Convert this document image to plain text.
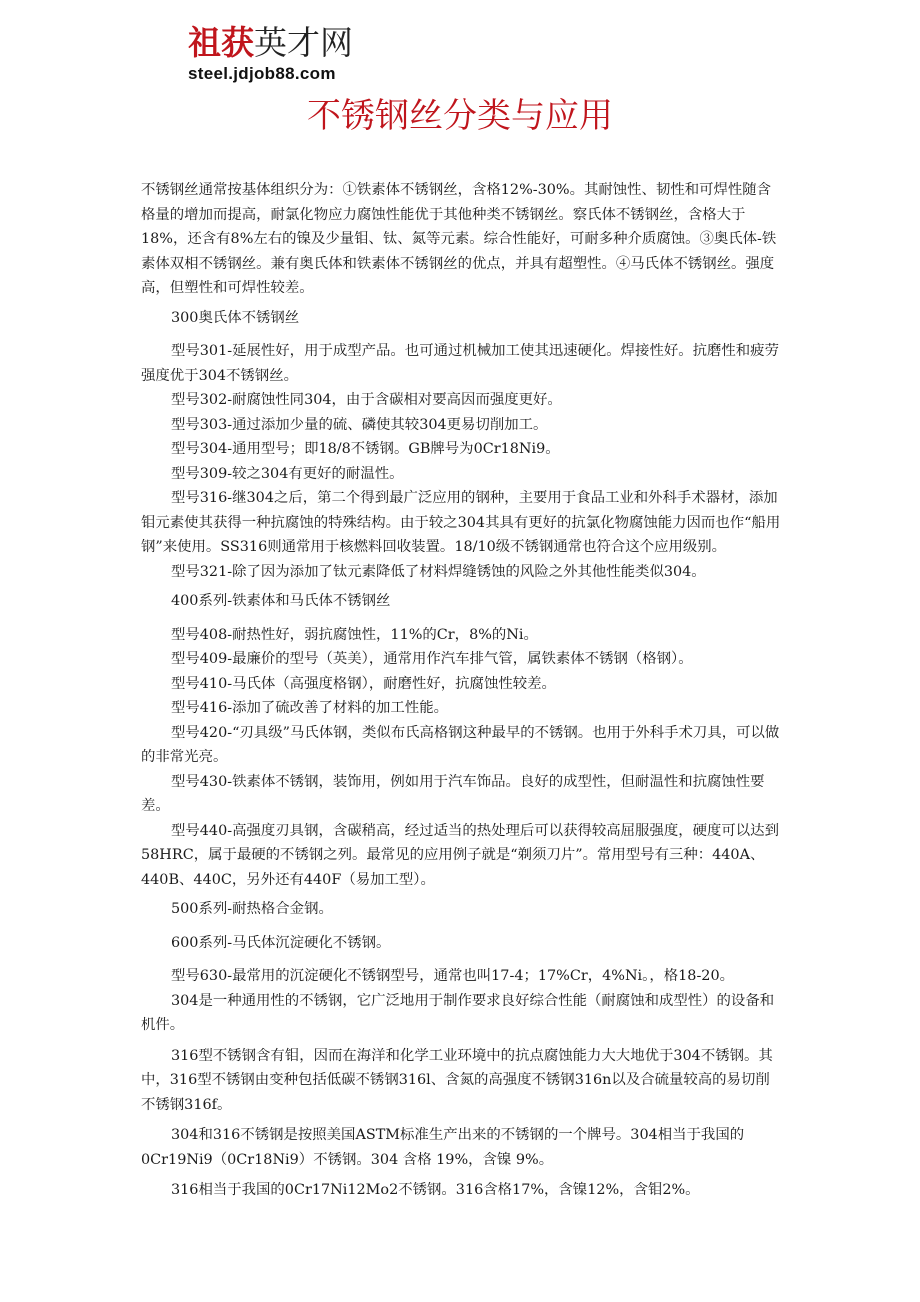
祖获英才网
steel.jdjob88.com
不锈钢丝分类与应用

不锈钢丝通常按基体组织分为：①铁素体不锈钢丝，含格12%-30%。其耐蚀性、韧性和可焊性随含格量的增加而提高，耐氯化物应力腐蚀性能优于其他种类不锈钢丝。察氏体不锈钢丝，含格大于18%，还含有8%左右的镍及少量钼、钛、氮等元素。综合性能好，可耐多种介质腐蚀。③奥氏体-铁素体双相不锈钢丝。兼有奥氏体和铁素体不锈钢丝的优点，并具有超塑性。④马氏体不锈钢丝。强度高，但塑性和可焊性较差。

300奥氏体不锈钢丝

型号301-延展性好，用于成型产品。也可通过机械加工使其迅速硬化。焊接性好。抗磨性和疲劳强度优于304不锈钢丝。

型号302-耐腐蚀性同304，由于含碳相对要高因而强度更好。

型号303-通过添加少量的硫、磷使其较304更易切削加工。

型号304-通用型号；即18/8不锈钢。GB牌号为0Cr18Ni9。

型号309-较之304有更好的耐温性。

型号316-继304之后，第二个得到最广泛应用的钢种，主要用于食品工业和外科手术器材，添加钼元素使其获得一种抗腐蚀的特殊结构。由于较之304其具有更好的抗氯化物腐蚀能力因而也作“船用钢”来使用。SS316则通常用于核燃料回收装置。18/10级不锈钢通常也符合这个应用级别。

型号321-除了因为添加了钛元素降低了材料焊缝锈蚀的风险之外其他性能类似304。

400系列-铁素体和马氏体不锈钢丝

型号408-耐热性好，弱抗腐蚀性，11%的Cr，8%的Ni。

型号409-最廉价的型号（英美），通常用作汽车排气管，属铁素体不锈钢（格钢）。

型号410-马氏体（高强度格钢），耐磨性好，抗腐蚀性较差。

型号416-添加了硫改善了材料的加工性能。

型号420-“刃具级”马氏体钢，类似布氏高格钢这种最早的不锈钢。也用于外科手术刀具，可以做的非常光亮。

型号430-铁素体不锈钢，装饰用，例如用于汽车饰品。良好的成型性，但耐温性和抗腐蚀性要差。

型号440-高强度刃具钢，含碳稍高，经过适当的热处理后可以获得较高屈服强度，硬度可以达到58HRC，属于最硬的不锈钢之列。最常见的应用例子就是“剃须刀片”。常用型号有三种：440A、440B、440C，另外还有440F（易加工型）。

500系列-耐热格合金钢。

600系列-马氏体沉淀硬化不锈钢。

型号630-最常用的沉淀硬化不锈钢型号，通常也叫17-4；17%Cr，4%Ni。，格18-20。

304是一种通用性的不锈钢，它广泛地用于制作要求良好综合性能（耐腐蚀和成型性）的设备和机件。

316型不锈钢含有钼，因而在海洋和化学工业环境中的抗点腐蚀能力大大地优于304不锈钢。其中，316型不锈钢由变种包括低碳不锈钢316l、含氮的高强度不锈钢316n以及合硫量较高的易切削不锈钢316f。

304和316不锈钢是按照美国ASTM标准生产出来的不锈钢的一个牌号。304相当于我国的 0Cr19Ni9（0Cr18Ni9）不锈钢。304 含格 19%，含镍 9%。

316相当于我国的0Cr17Ni12Mo2不锈钢。316含格17%，含镍12%，含钼2%。
